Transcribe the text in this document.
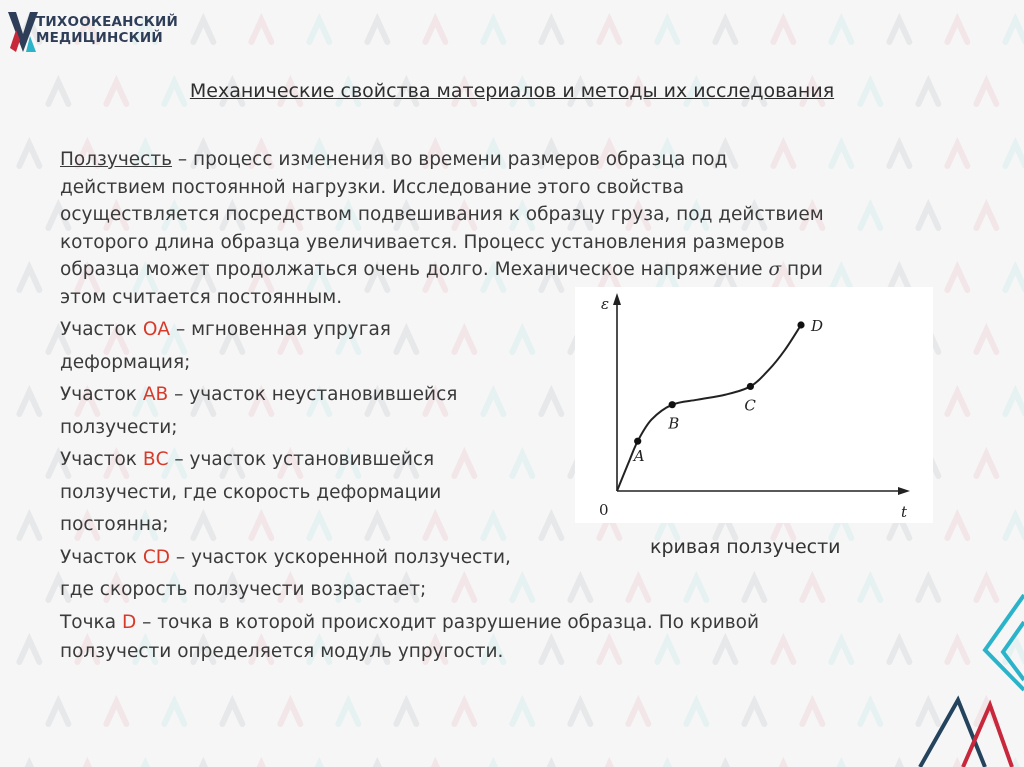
ТИХООКЕАНСКИЙ
МЕДИЦИНСКИЙ
Механические свойства материалов и методы их исследования
Ползучесть – процесс изменения во времени размеров образца под
действием постоянной нагрузки. Исследование этого свойства
осуществляется посредством подвешивания к образцу груза, под действием
которого длина образца увеличивается. Процесс установления размеров
образца может продолжаться очень долго. Механическое напряжение σ при
этом считается постоянным.
Участок ОА – мгновенная упругая
деформация;
Участок АВ – участок неустановившейся
ползучести;
Участок ВС – участок установившейся
ползучести, где скорость деформации
постоянна;
Участок CD – участок ускоренной ползучести,
где скорость ползучести возрастает;
Точка D – точка в которой происходит разрушение образца. По кривой
ползучести определяется модуль упругости.
ε
t
0
A
B
C
D
кривая ползучести
